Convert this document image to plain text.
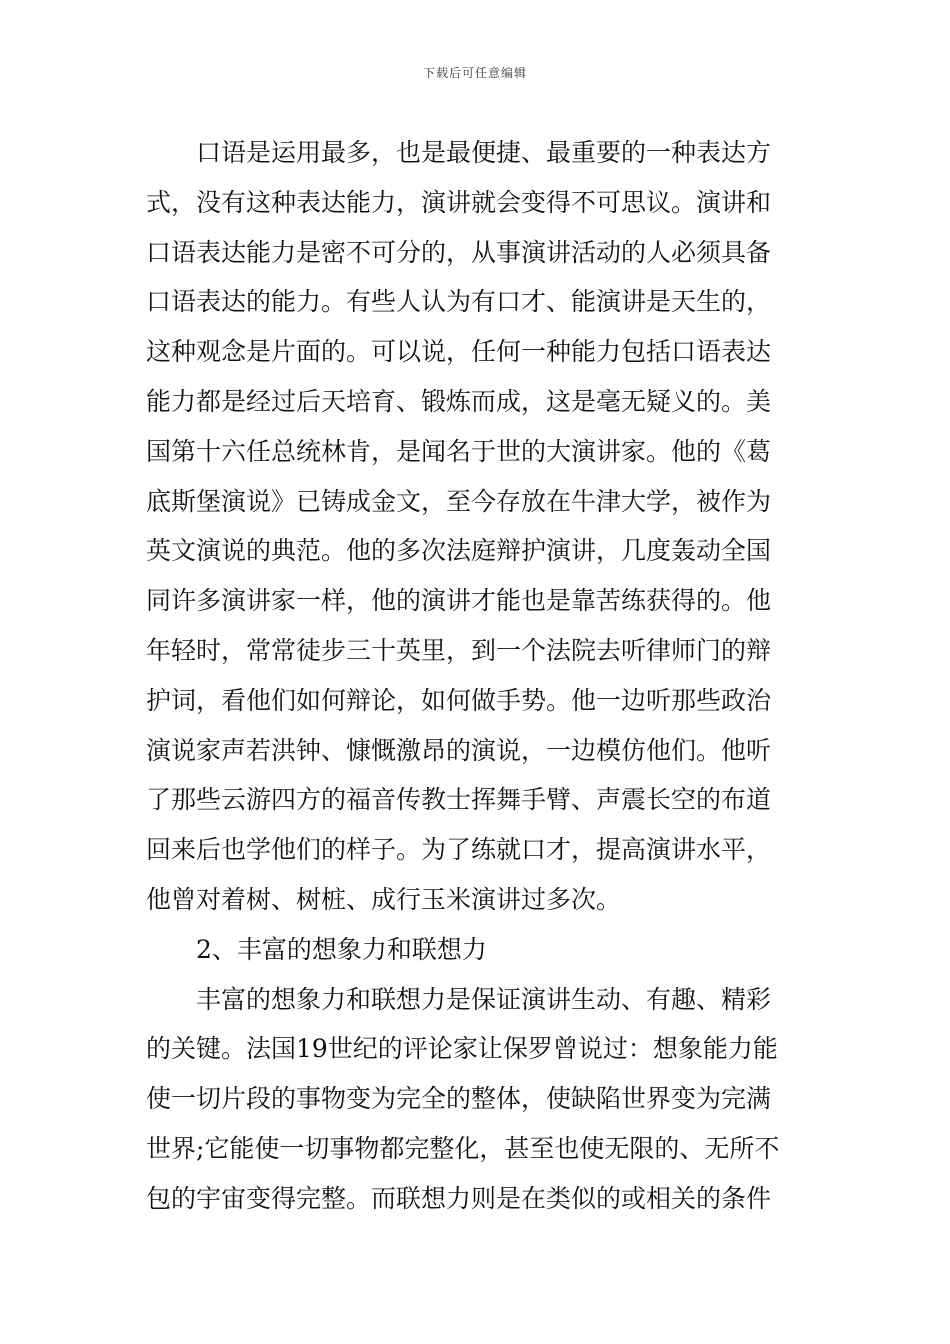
下载后可任意编辑
口语是运用最多，也是最便捷、最重要的一种表达方
式，没有这种表达能力，演讲就会变得不可思议。演讲和
口语表达能力是密不可分的，从事演讲活动的人必须具备
口语表达的能力。有些人认为有口才、能演讲是天生的，
这种观念是片面的。可以说，任何一种能力包括口语表达
能力都是经过后天培育、锻炼而成，这是毫无疑义的。美
国第十六任总统林肯，是闻名于世的大演讲家。他的《葛
底斯堡演说》已铸成金文，至今存放在牛津大学，被作为
英文演说的典范。他的多次法庭辩护演讲，几度轰动全国
同许多演讲家一样，他的演讲才能也是靠苦练获得的。他
年轻时，常常徒步三十英里，到一个法院去听律师门的辩
护词，看他们如何辩论，如何做手势。他一边听那些政治
演说家声若洪钟、慷慨激昂的演说，一边模仿他们。他听
了那些云游四方的福音传教士挥舞手臂、声震长空的布道
回来后也学他们的样子。为了练就口才，提高演讲水平，
他曾对着树、树桩、成行玉米演讲过多次。
2、丰富的想象力和联想力
丰富的想象力和联想力是保证演讲生动、有趣、精彩
的关键。法国19世纪的评论家让保罗曾说过：想象能力能
使一切片段的事物变为完全的整体，使缺陷世界变为完满
世界;它能使一切事物都完整化，甚至也使无限的、无所不
包的宇宙变得完整。而联想力则是在类似的或相关的条件
